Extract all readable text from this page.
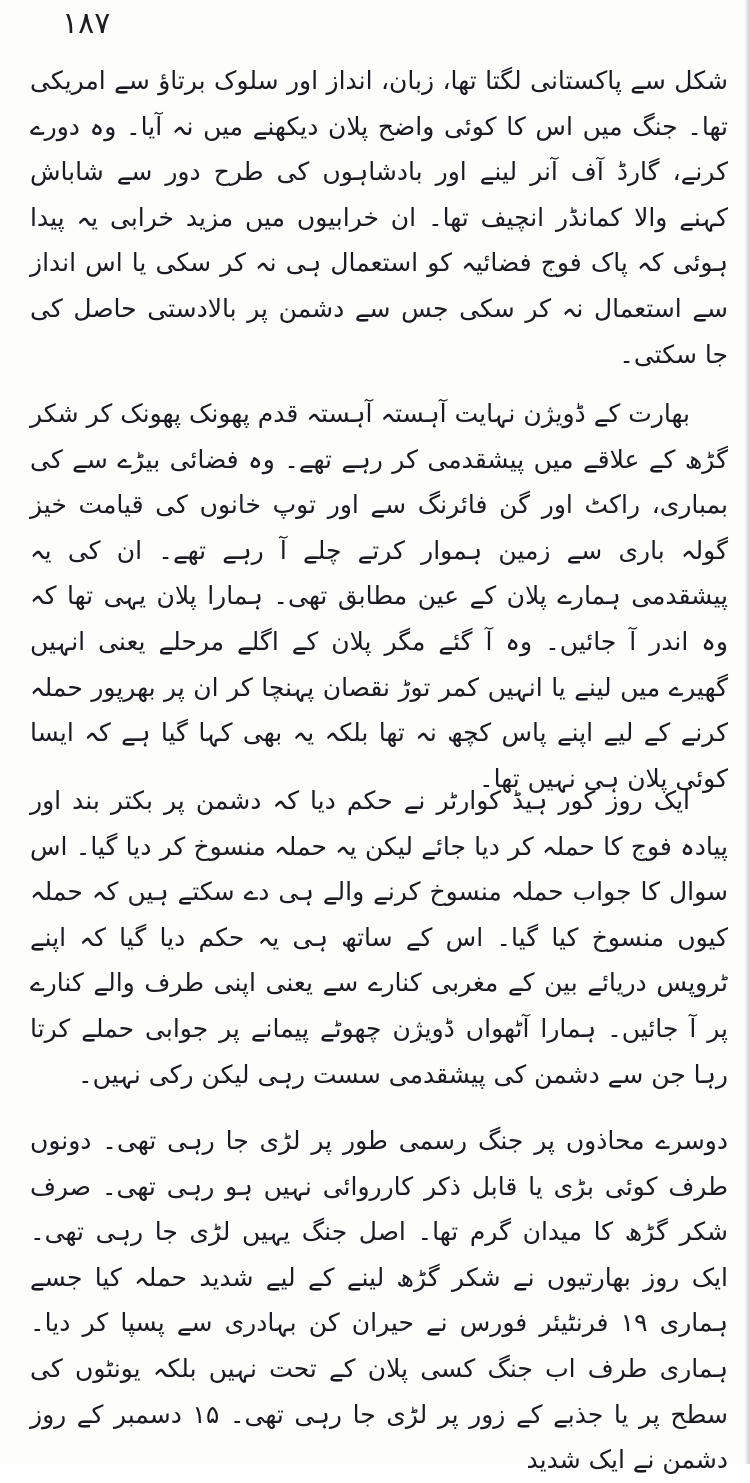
۱۸۷

شکل سے پاکستانی لگتا تھا، زبان، انداز اور سلوک برتاؤ سے امریکی تھا۔ جنگ میں اس کا کوئی واضح پلان دیکھنے میں نہ آیا۔ وہ دورے کرنے، گارڈ آف آنر لینے اور بادشاہوں کی طرح دور سے شاباش کہنے والا کمانڈر انچیف تھا۔ ان خرابیوں میں مزید خرابی یہ پیدا ہوئی کہ پاک فوج فضائیہ کو استعمال ہی نہ کر سکی یا اس انداز سے استعمال نہ کر سکی جس سے دشمن پر بالادستی حاصل کی جا سکتی۔

بھارت کے ڈویژن نہایت آہستہ آہستہ قدم پھونک پھونک کر شکر گڑھ کے علاقے میں پیشقدمی کر رہے تھے۔ وہ فضائی بیڑے سے کی بمباری، راکٹ اور گن فائرنگ سے اور توپ خانوں کی قیامت خیز گولہ باری سے زمین ہموار کرتے چلے آ رہے تھے۔ ان کی یہ پیشقدمی ہمارے پلان کے عین مطابق تھی۔ ہمارا پلان یہی تھا کہ وہ اندر آ جائیں۔ وہ آ گئے مگر پلان کے اگلے مرحلے یعنی انہیں گھیرے میں لینے یا انہیں کمر توڑ نقصان پہنچا کر ان پر بھرپور حملہ کرنے کے لیے اپنے پاس کچھ نہ تھا بلکہ یہ بھی کہا گیا ہے کہ ایسا کوئی پلان ہی نہیں تھا۔

ایک روز کور ہیڈ کوارٹر نے حکم دیا کہ دشمن پر بکتر بند اور پیادہ فوج کا حملہ کر دیا جائے لیکن یہ حملہ منسوخ کر دیا گیا۔ اس سوال کا جواب حملہ منسوخ کرنے والے ہی دے سکتے ہیں کہ حملہ کیوں منسوخ کیا گیا۔ اس کے ساتھ ہی یہ حکم دیا گیا کہ اپنے ٹروپس دریائے بین کے مغربی کنارے سے یعنی اپنی طرف والے کنارے پر آ جائیں۔ ہمارا آٹھواں ڈویژن چھوٹے پیمانے پر جوابی حملے کرتا رہا جن سے دشمن کی پیشقدمی سست رہی لیکن رکی نہیں۔

دوسرے محاذوں پر جنگ رسمی طور پر لڑی جا رہی تھی۔ دونوں طرف کوئی بڑی یا قابل ذکر کارروائی نہیں ہو رہی تھی۔ صرف شکر گڑھ کا میدان گرم تھا۔ اصل جنگ یہیں لڑی جا رہی تھی۔ ایک روز بھارتیوں نے شکر گڑھ لینے کے لیے شدید حملہ کیا جسے ہماری ۱۹ فرنٹیئر فورس نے حیران کن بہادری سے پسپا کر دیا۔ ہماری طرف اب جنگ کسی پلان کے تحت نہیں بلکہ یونٹوں کی سطح پر یا جذبے کے زور پر لڑی جا رہی تھی۔ ۱۵ دسمبر کے روز دشمن نے ایک شدید
